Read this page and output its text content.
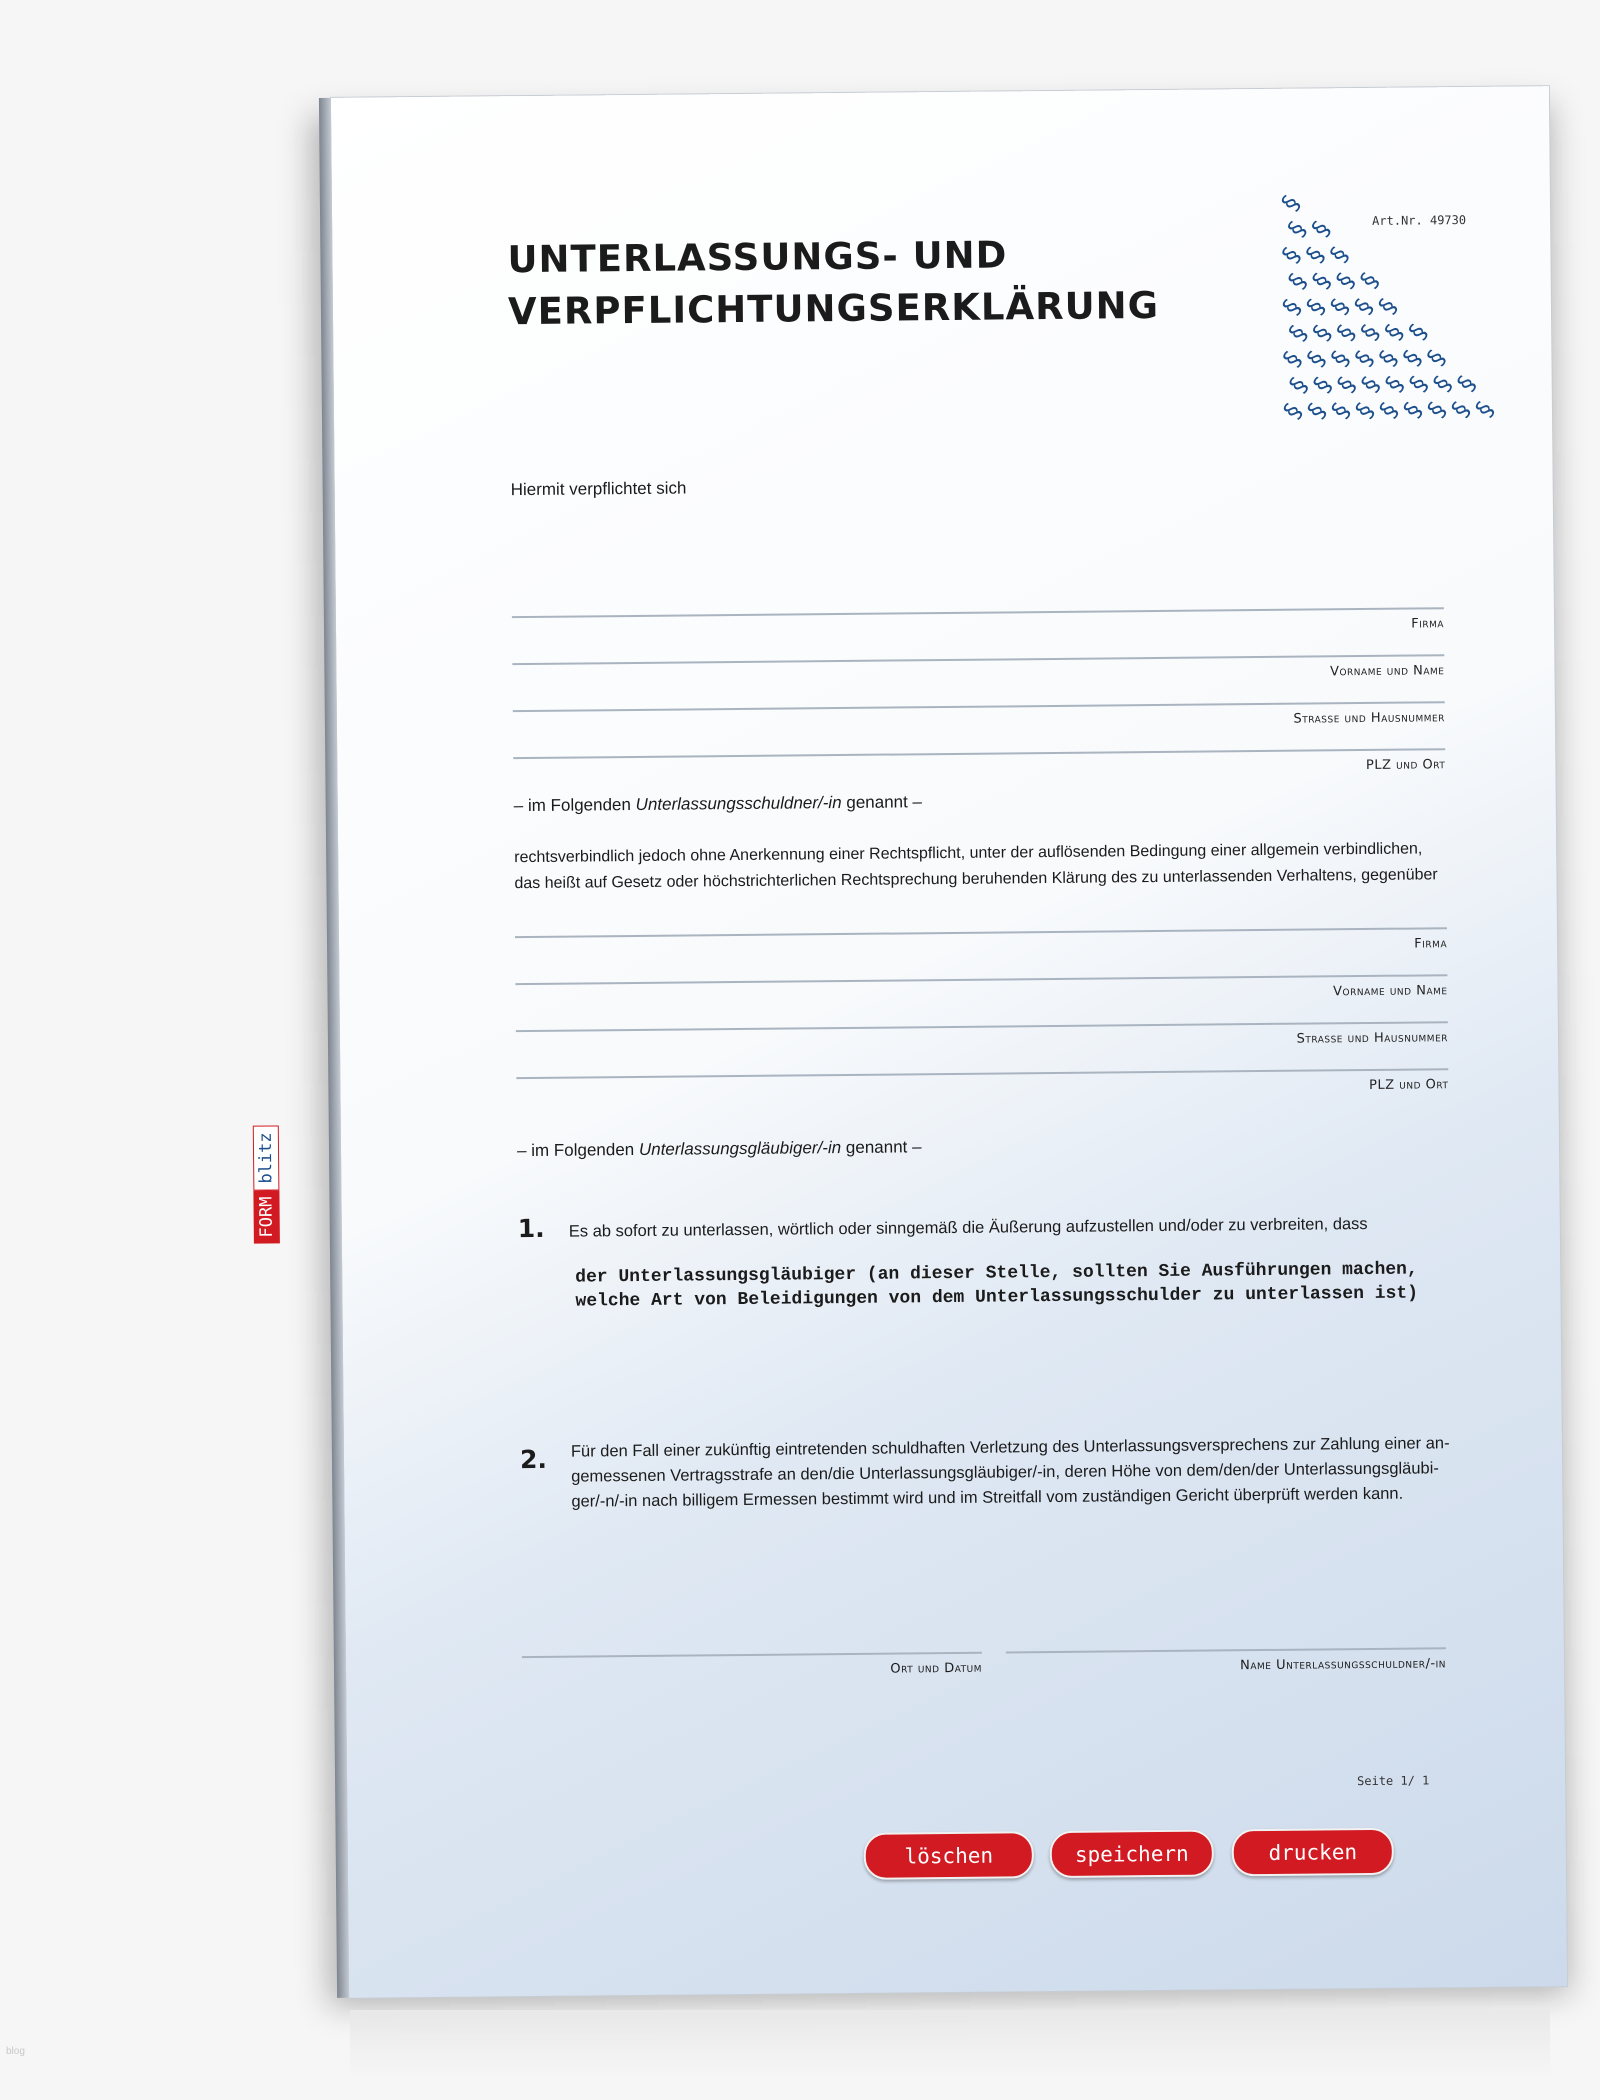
UNTERLASSUNGS- UND
VERPFLICHTUNGSERKLÄRUNG
§
§
§
§
§
§
§
§
§
§
§
§
§
§
§
§
§
§
§
§
§
§
§
§
§
§
§
§
§
§
§
§
§
§
§
§
§
§
§
§
§
§
§
§
§
Art.Nr. 49730
Hiermit verpflichtet sich
Firma
Vorname und Name
Strasse und Hausnummer
PLZ und Ort
– im Folgenden Unterlassungsschuldner/-in genannt –
rechtsverbindlich jedoch ohne Anerkennung einer Rechtspflicht, unter der auflösenden Bedingung einer allgemein verbindlichen,
das heißt auf Gesetz oder höchstrichterlichen Rechtsprechung beruhenden Klärung des zu unterlassenden Verhaltens, gegenüber
Firma
Vorname und Name
Strasse und Hausnummer
PLZ und Ort
– im Folgenden Unterlassungsgläubiger/-in genannt –
1. Es ab sofort zu unterlassen, wörtlich oder sinngemäß die Äußerung aufzustellen und/oder zu verbreiten, dass
der Unterlassungsgläubiger (an dieser Stelle, sollten Sie Ausführungen machen,
welche Art von Beleidigungen von dem Unterlassungsschulder zu unterlassen ist)
2. Für den Fall einer zukünftig eintretenden schuldhaften Verletzung des Unterlassungsversprechens zur Zahlung einer an-
gemessenen Vertragsstrafe an den/die Unterlassungsgläubiger/-in, deren Höhe von dem/den/der Unterlassungsgläubi-
ger/-n/-in nach billigem Ermessen bestimmt wird und im Streitfall vom zuständigen Gericht überprüft werden kann.
Ort und Datum	Name Unterlassungsschuldner/-in
Seite 1/ 1
löschen	speichern	drucken
FORM
blitz
blog
